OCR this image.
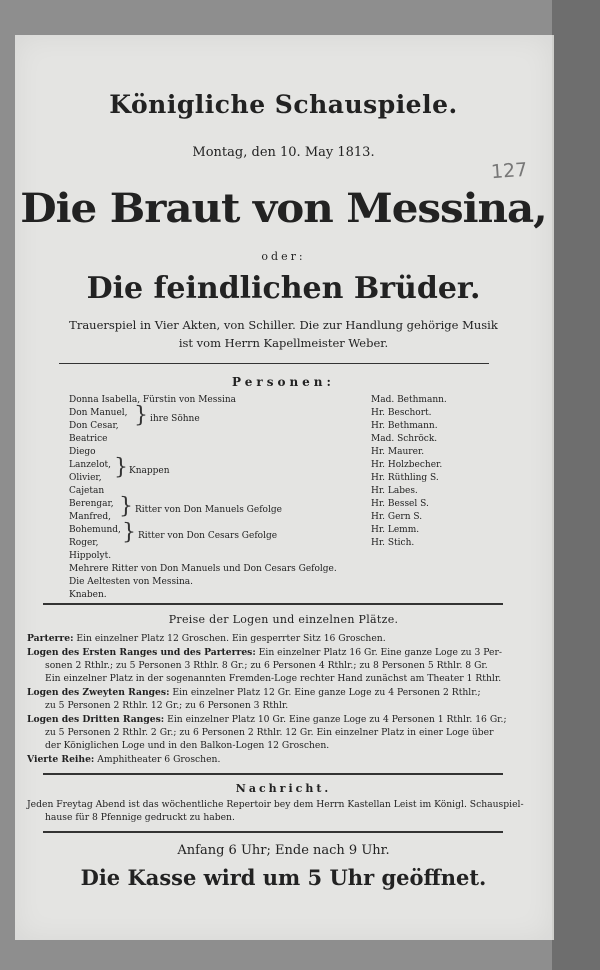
Königliche Schauspiele.
Montag, den 10. May 1813.
127
Die Braut von Messina,
oder:
Die feindlichen Brüder.
Trauerspiel in Vier Akten, von Schiller. Die zur Handlung gehörige Musik
ist vom Herrn Kapellmeister Weber.
Personen:
Donna Isabella, Fürstin von Messina
Don Manuel,
Don Cesar, } ihre Söhne
Beatrice
Diego
Lanzelot,
Olivier, } Knappen
Cajetan
Berengar,
Manfred, } Ritter von Don Manuels Gefolge
Bohemund,
Roger, } Ritter von Don Cesars Gefolge
Hippolyt.
Mehrere Ritter von Don Manuels und Don Cesars Gefolge.
Die Aeltesten von Messina.
Knaben.
Mad. Bethmann.
Hr. Beschort.
Hr. Bethmann.
Mad. Schröck.
Hr. Maurer.
Hr. Holzbecher.
Hr. Rüthling S.
Hr. Labes.
Hr. Bessel S.
Hr. Gern S.
Hr. Lemm.
Hr. Stich.
Preise der Logen und einzelnen Plätze.
Parterre: Ein einzelner Platz 12 Groschen. Ein gesperrter Sitz 16 Groschen.
Logen des Ersten Ranges und des Parterres: Ein einzelner Platz 16 Gr. Eine ganze Loge zu 3 Per-
sonen 2 Rthlr.; zu 5 Personen 3 Rthlr. 8 Gr.; zu 6 Personen 4 Rthlr.; zu 8 Personen 5 Rthlr. 8 Gr.
Ein einzelner Platz in der sogenannten Fremden-Loge rechter Hand zunächst am Theater 1 Rthlr.
Logen des Zweyten Ranges: Ein einzelner Platz 12 Gr. Eine ganze Loge zu 4 Personen 2 Rthlr.;
zu 5 Personen 2 Rthlr. 12 Gr.; zu 6 Personen 3 Rthlr.
Logen des Dritten Ranges: Ein einzelner Platz 10 Gr. Eine ganze Loge zu 4 Personen 1 Rthlr. 16 Gr.;
zu 5 Personen 2 Rthlr. 2 Gr.; zu 6 Personen 2 Rthlr. 12 Gr. Ein einzelner Platz in einer Loge über
der Königlichen Loge und in den Balkon-Logen 12 Groschen.
Vierte Reihe: Amphitheater 6 Groschen.
Nachricht.
Jeden Freytag Abend ist das wöchentliche Repertoir bey dem Herrn Kastellan Leist im Königl. Schauspiel-
hause für 8 Pfennige gedruckt zu haben.
Anfang 6 Uhr; Ende nach 9 Uhr.
Die Kasse wird um 5 Uhr geöffnet.
